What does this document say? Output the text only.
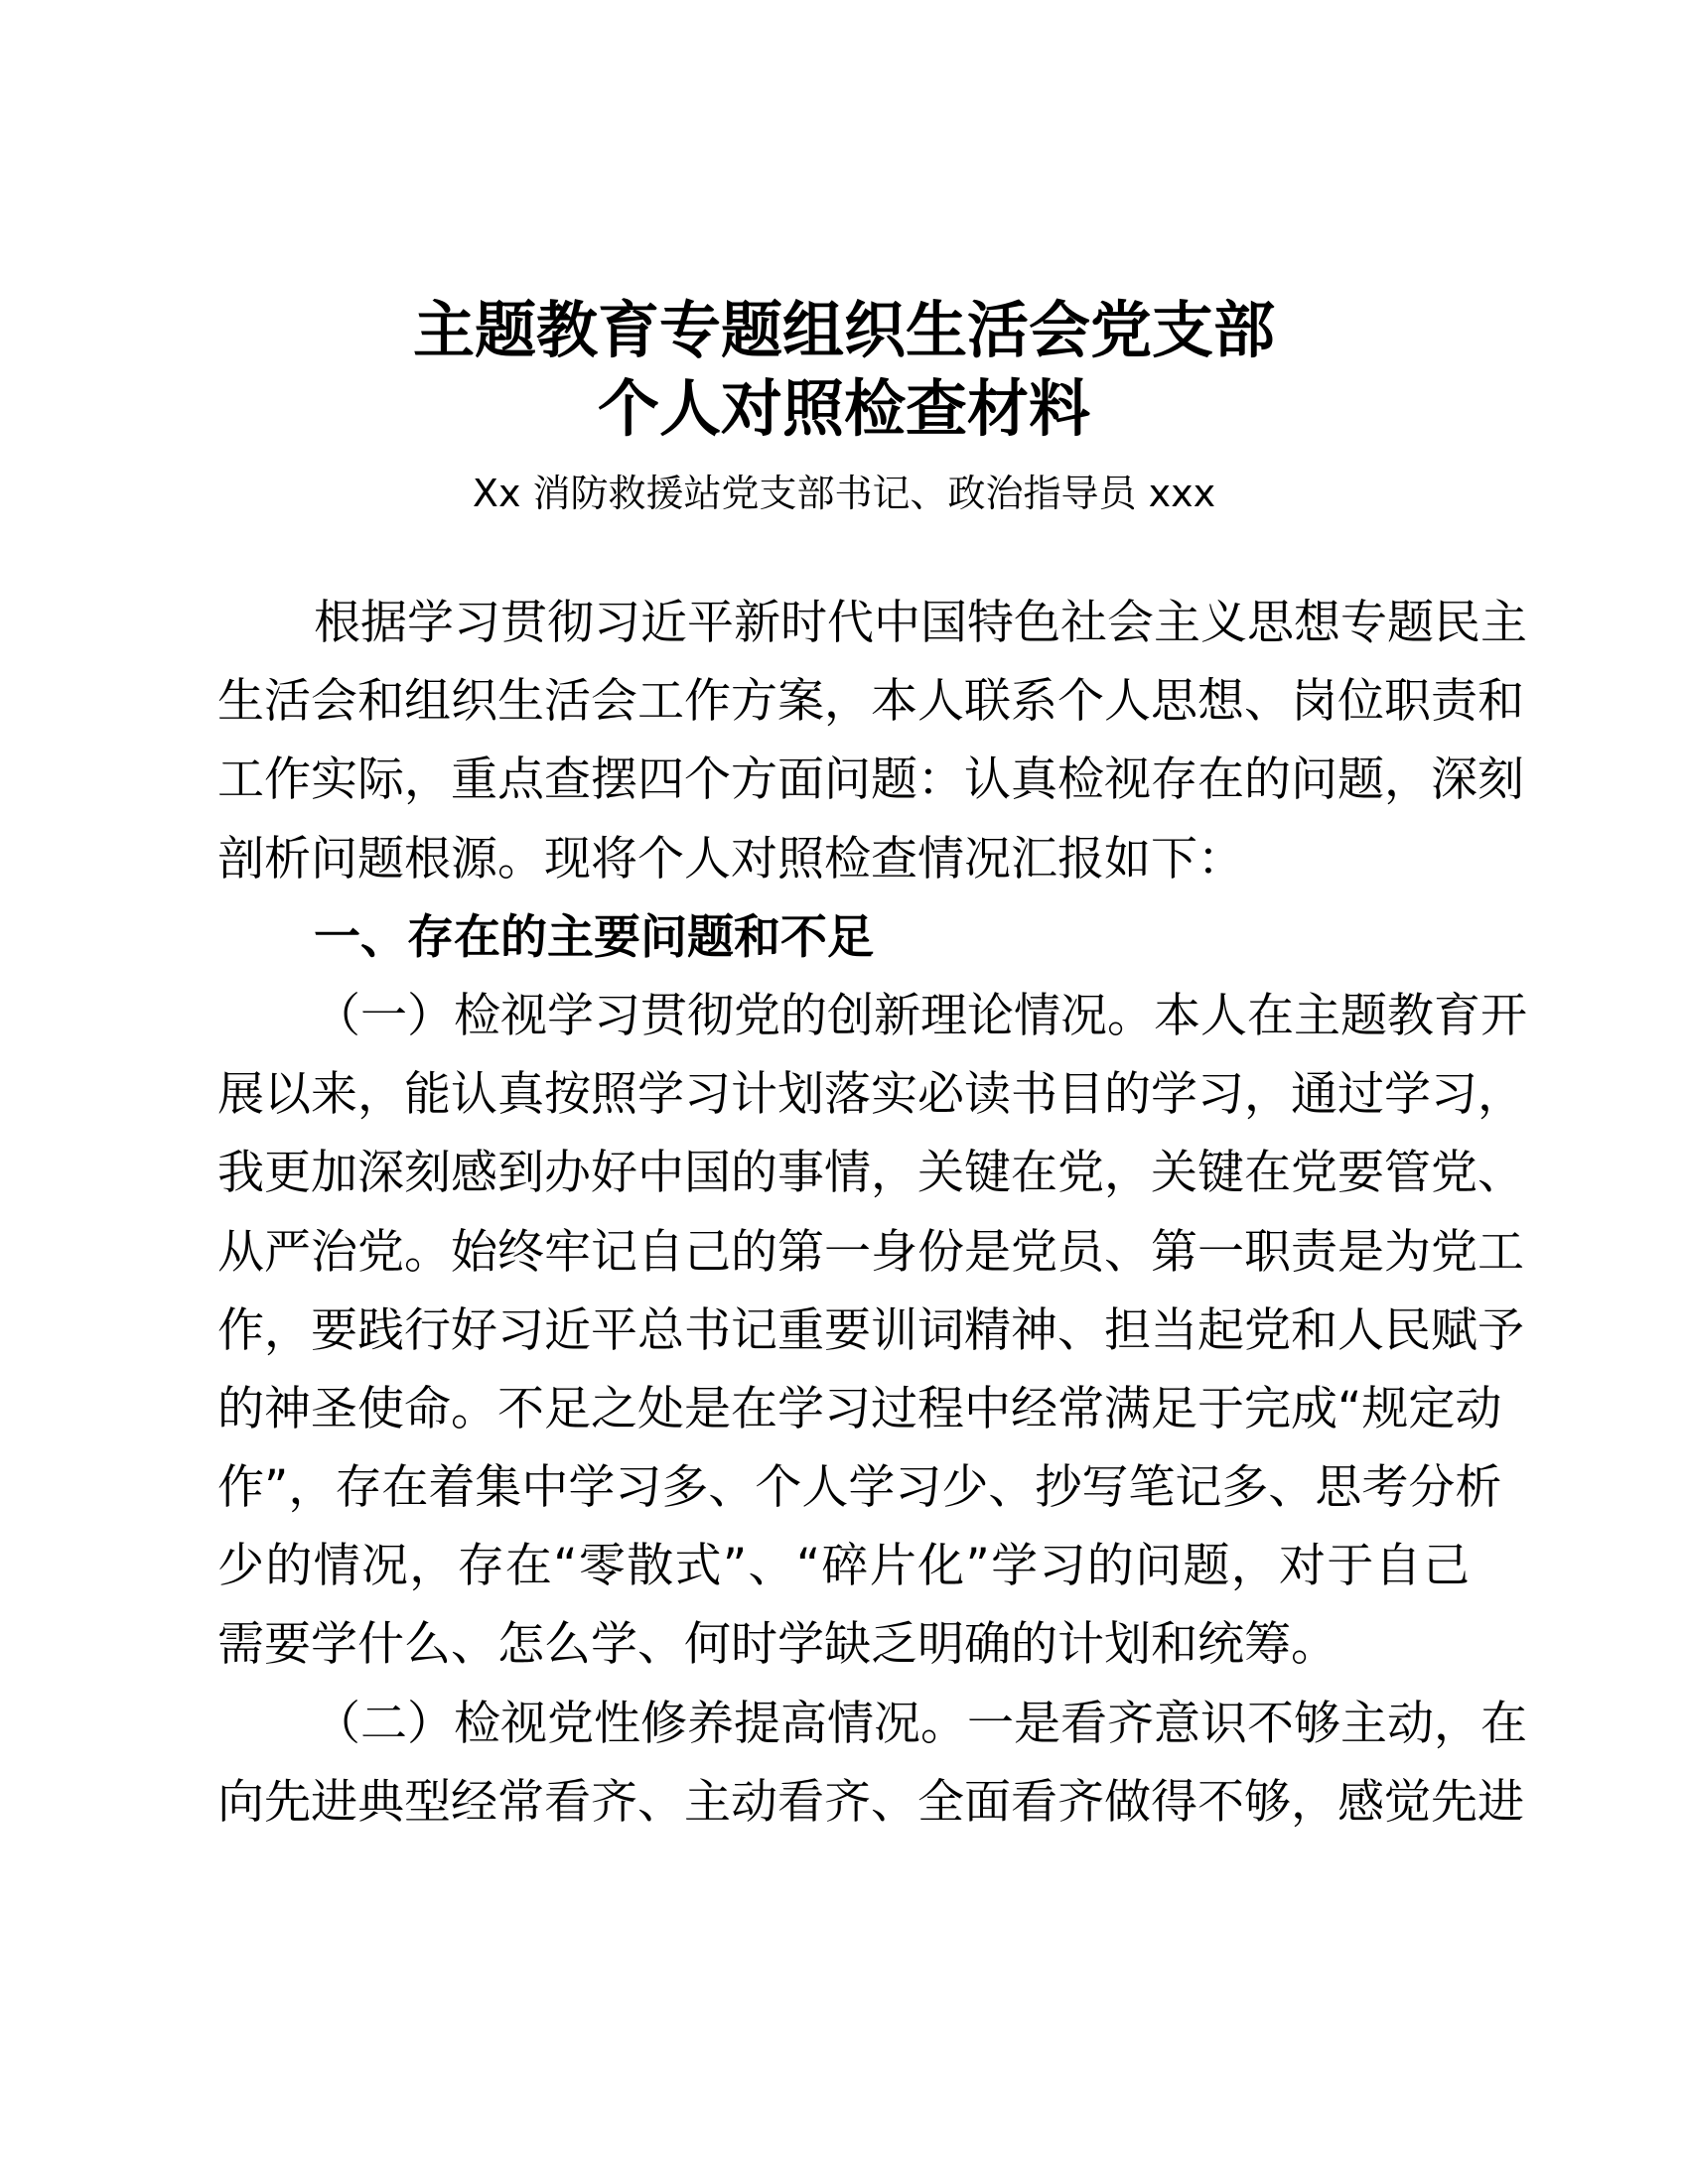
主题教育专题组织生活会党支部
个人对照检查材料
Xx 消防救援站党支部书记、政治指导员 xxx
根据学习贯彻习近平新时代中国特色社会主义思想专题民主
生活会和组织生活会工作方案，本人联系个人思想、岗位职责和
工作实际，重点查摆四个方面问题：认真检视存在的问题，深刻
剖析问题根源。现将个人对照检查情况汇报如下：
一、存在的主要问题和不足
（一）检视学习贯彻党的创新理论情况。本人在主题教育开
展以来，能认真按照学习计划落实必读书目的学习，通过学习，
我更加深刻感到办好中国的事情，关键在党，关键在党要管党、
从严治党。始终牢记自己的第一身份是党员、第一职责是为党工
作，要践行好习近平总书记重要训词精神、担当起党和人民赋予
的神圣使命。不足之处是在学习过程中经常满足于完成“规定动
作”，存在着集中学习多、个人学习少、抄写笔记多、思考分析
少的情况，存在“零散式”、“碎片化”学习的问题，对于自己
需要学什么、怎么学、何时学缺乏明确的计划和统筹。
（二）检视党性修养提高情况。一是看齐意识不够主动，在
向先进典型经常看齐、主动看齐、全面看齐做得不够，感觉先进
